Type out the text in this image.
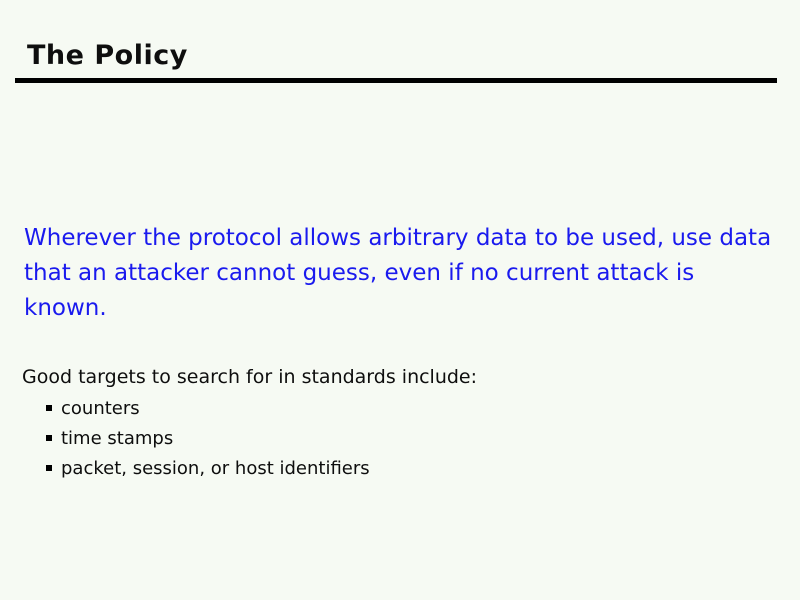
The Policy

Wherever the protocol allows arbitrary data to be used, use data
that an attacker cannot guess, even if no current attack is known.

Good targets to search for in standards include:

counters
time stamps
packet, session, or host identifiers
